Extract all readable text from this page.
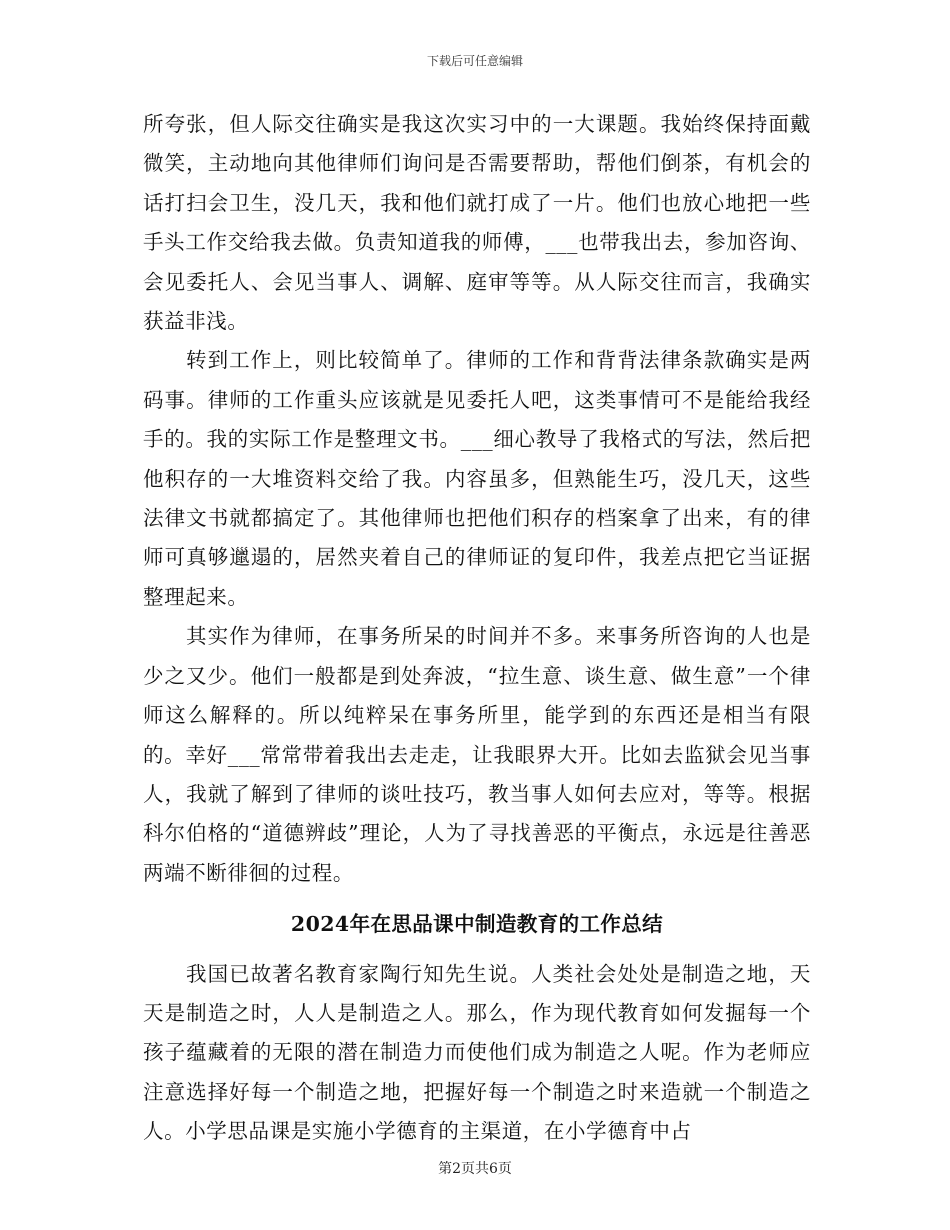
下载后可任意编辑

所夸张，但人际交往确实是我这次实习中的一大课题。我始终保持面戴微笑，主动地向其他律师们询问是否需要帮助，帮他们倒茶，有机会的话打扫会卫生，没几天，我和他们就打成了一片。他们也放心地把一些手头工作交给我去做。负责知道我的师傅，___也带我出去，参加咨询、会见委托人、会见当事人、调解、庭审等等。从人际交往而言，我确实获益非浅。

转到工作上，则比较简单了。律师的工作和背背法律条款确实是两码事。律师的工作重头应该就是见委托人吧，这类事情可不是能给我经手的。我的实际工作是整理文书。___细心教导了我格式的写法，然后把他积存的一大堆资料交给了我。内容虽多，但熟能生巧，没几天，这些法律文书就都搞定了。其他律师也把他们积存的档案拿了出来，有的律师可真够邋遢的，居然夹着自己的律师证的复印件，我差点把它当证据整理起来。

其实作为律师，在事务所呆的时间并不多。来事务所咨询的人也是少之又少。他们一般都是到处奔波，“拉生意、谈生意、做生意”一个律师这么解释的。所以纯粹呆在事务所里，能学到的东西还是相当有限的。幸好___常常带着我出去走走，让我眼界大开。比如去监狱会见当事人，我就了解到了律师的谈吐技巧，教当事人如何去应对，等等。根据科尔伯格的“道德辨歧”理论，人为了寻找善恶的平衡点，永远是往善恶两端不断徘徊的过程。

2024年在思品课中制造教育的工作总结

我国已故著名教育家陶行知先生说。人类社会处处是制造之地，天天是制造之时，人人是制造之人。那么，作为现代教育如何发掘每一个孩子蕴藏着的无限的潜在制造力而使他们成为制造之人呢。作为老师应注意选择好每一个制造之地，把握好每一个制造之时来造就一个制造之人。小学思品课是实施小学德育的主渠道，在小学德育中占

第2页共6页
